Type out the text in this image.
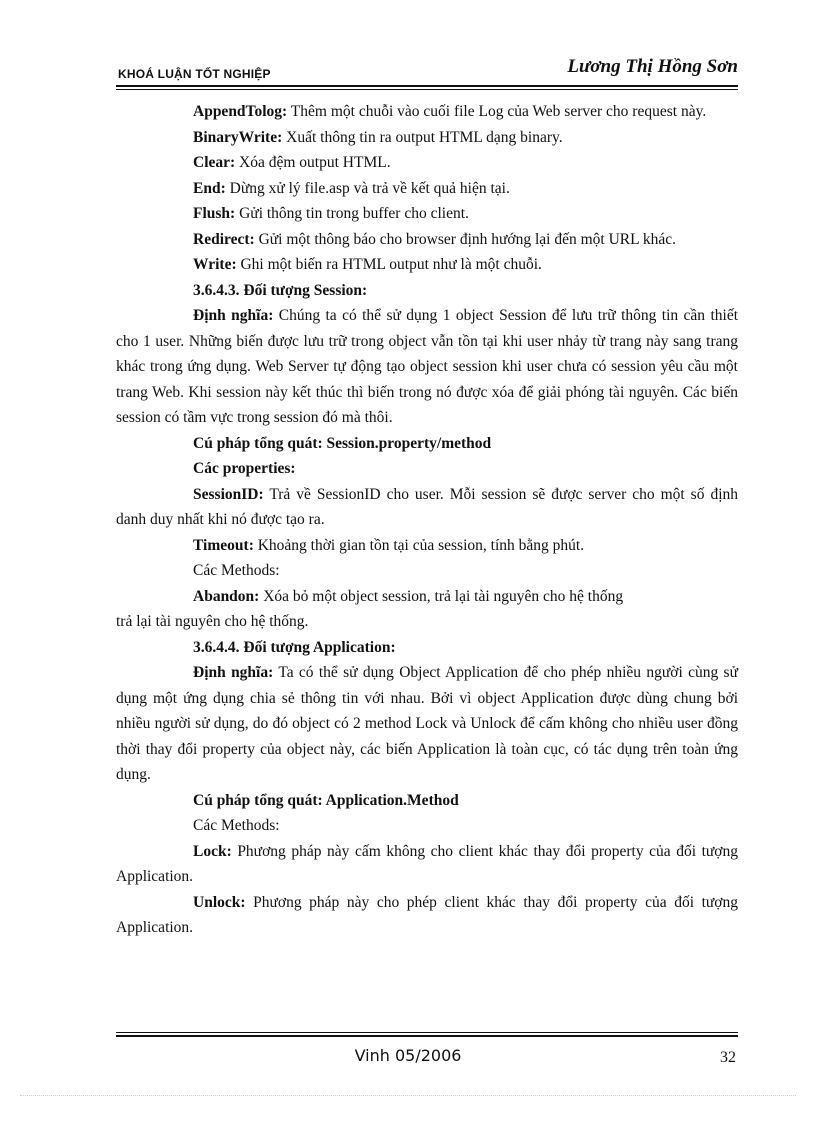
KHOÁ LUẬN TỐT NGHIỆP	Lương Thị Hồng Sơn

AppendTolog: Thêm một chuỗi vào cuối file Log của Web server cho request này.

BinaryWrite: Xuất thông tin ra output HTML dạng binary.

Clear: Xóa đệm output HTML.

End: Dừng xử lý file.asp và trả về kết quả hiện tại.

Flush: Gửi thông tin trong buffer cho client.

Redirect: Gửi một thông báo cho browser định hướng lại đến một URL khác.

Write: Ghi một biến ra HTML output như là một chuỗi.

3.6.4.3. Đối tượng Session:

Định nghĩa: Chúng ta có thể sử dụng 1 object Session để lưu trữ thông tin cần thiết cho 1 user. Những biến được lưu trữ trong object vẫn tồn tại khi user nhảy từ trang này sang trang khác trong ứng dụng. Web Server tự động tạo object session khi user chưa có session yêu cầu một trang Web. Khi session này kết thúc thì biến trong nó được xóa để giải phóng tài nguyên. Các biến session có tầm vực trong session đó mà thôi.

Cú pháp tổng quát: Session.property/method

Các properties:

SessionID: Trả về SessionID cho user. Mỗi session sẽ được server cho một số định danh duy nhất khi nó được tạo ra.

Timeout: Khoảng thời gian tồn tại của session, tính bằng phút.

Các Methods:

Abandon: Xóa bỏ một object session, trả lại tài nguyên cho hệ thống

trả lại tài nguyên cho hệ thống.

3.6.4.4. Đối tượng Application:

Định nghĩa: Ta có thể sử dụng Object Application để cho phép nhiều người cùng sử dụng một ứng dụng chia sẻ thông tin với nhau. Bởi vì object Application được dùng chung bởi nhiều người sử dụng, do đó object có 2 method Lock và Unlock để cấm không cho nhiều user đồng thời thay đổi property của object này, các biến Application là toàn cục, có tác dụng trên toàn ứng dụng.

Cú pháp tổng quát: Application.Method

Các Methods:

Lock: Phương pháp này cấm không cho client khác thay đổi property của đối tượng Application.

Unlock: Phương pháp này cho phép client khác thay đổi property của đối tượng Application.

Vinh 05/2006	32
